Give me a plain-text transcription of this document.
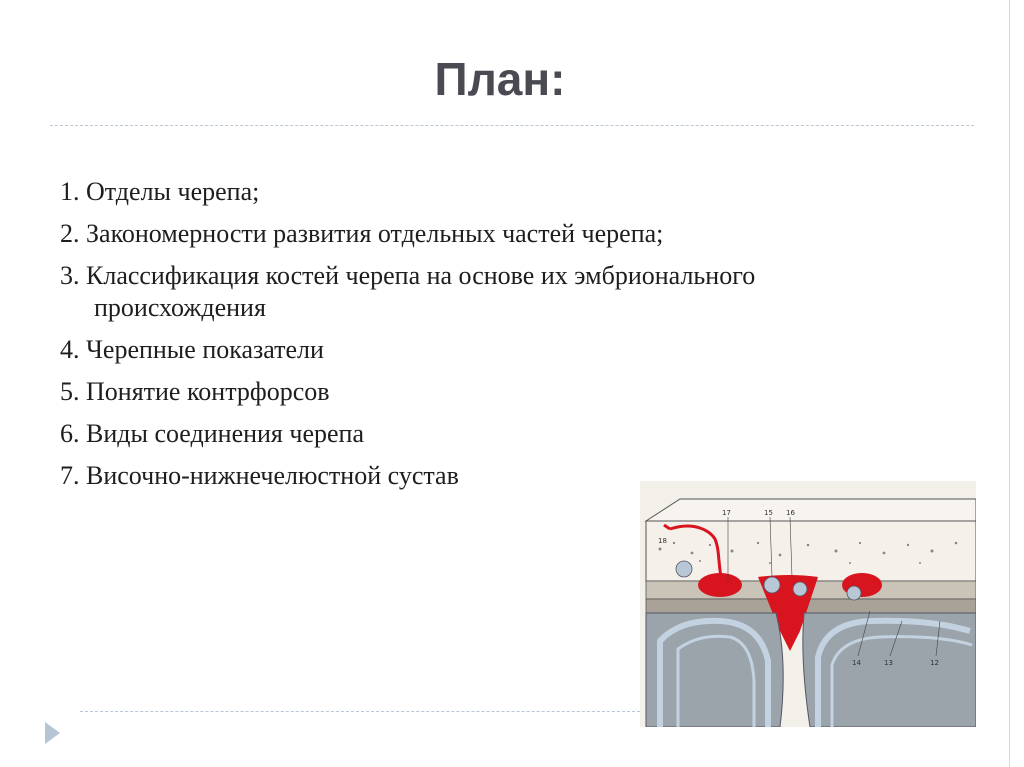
План:
1. Отделы черепа;
2. Закономерности развития отдельных частей черепа;
3. Классификация костей черепа на основе их эмбрионального происхождения
4. Черепные показатели
5. Понятие контрфорсов
6. Виды соединения черепа
7. Височно-нижнечелюстной сустав
17	15 16
18
14	13	12
